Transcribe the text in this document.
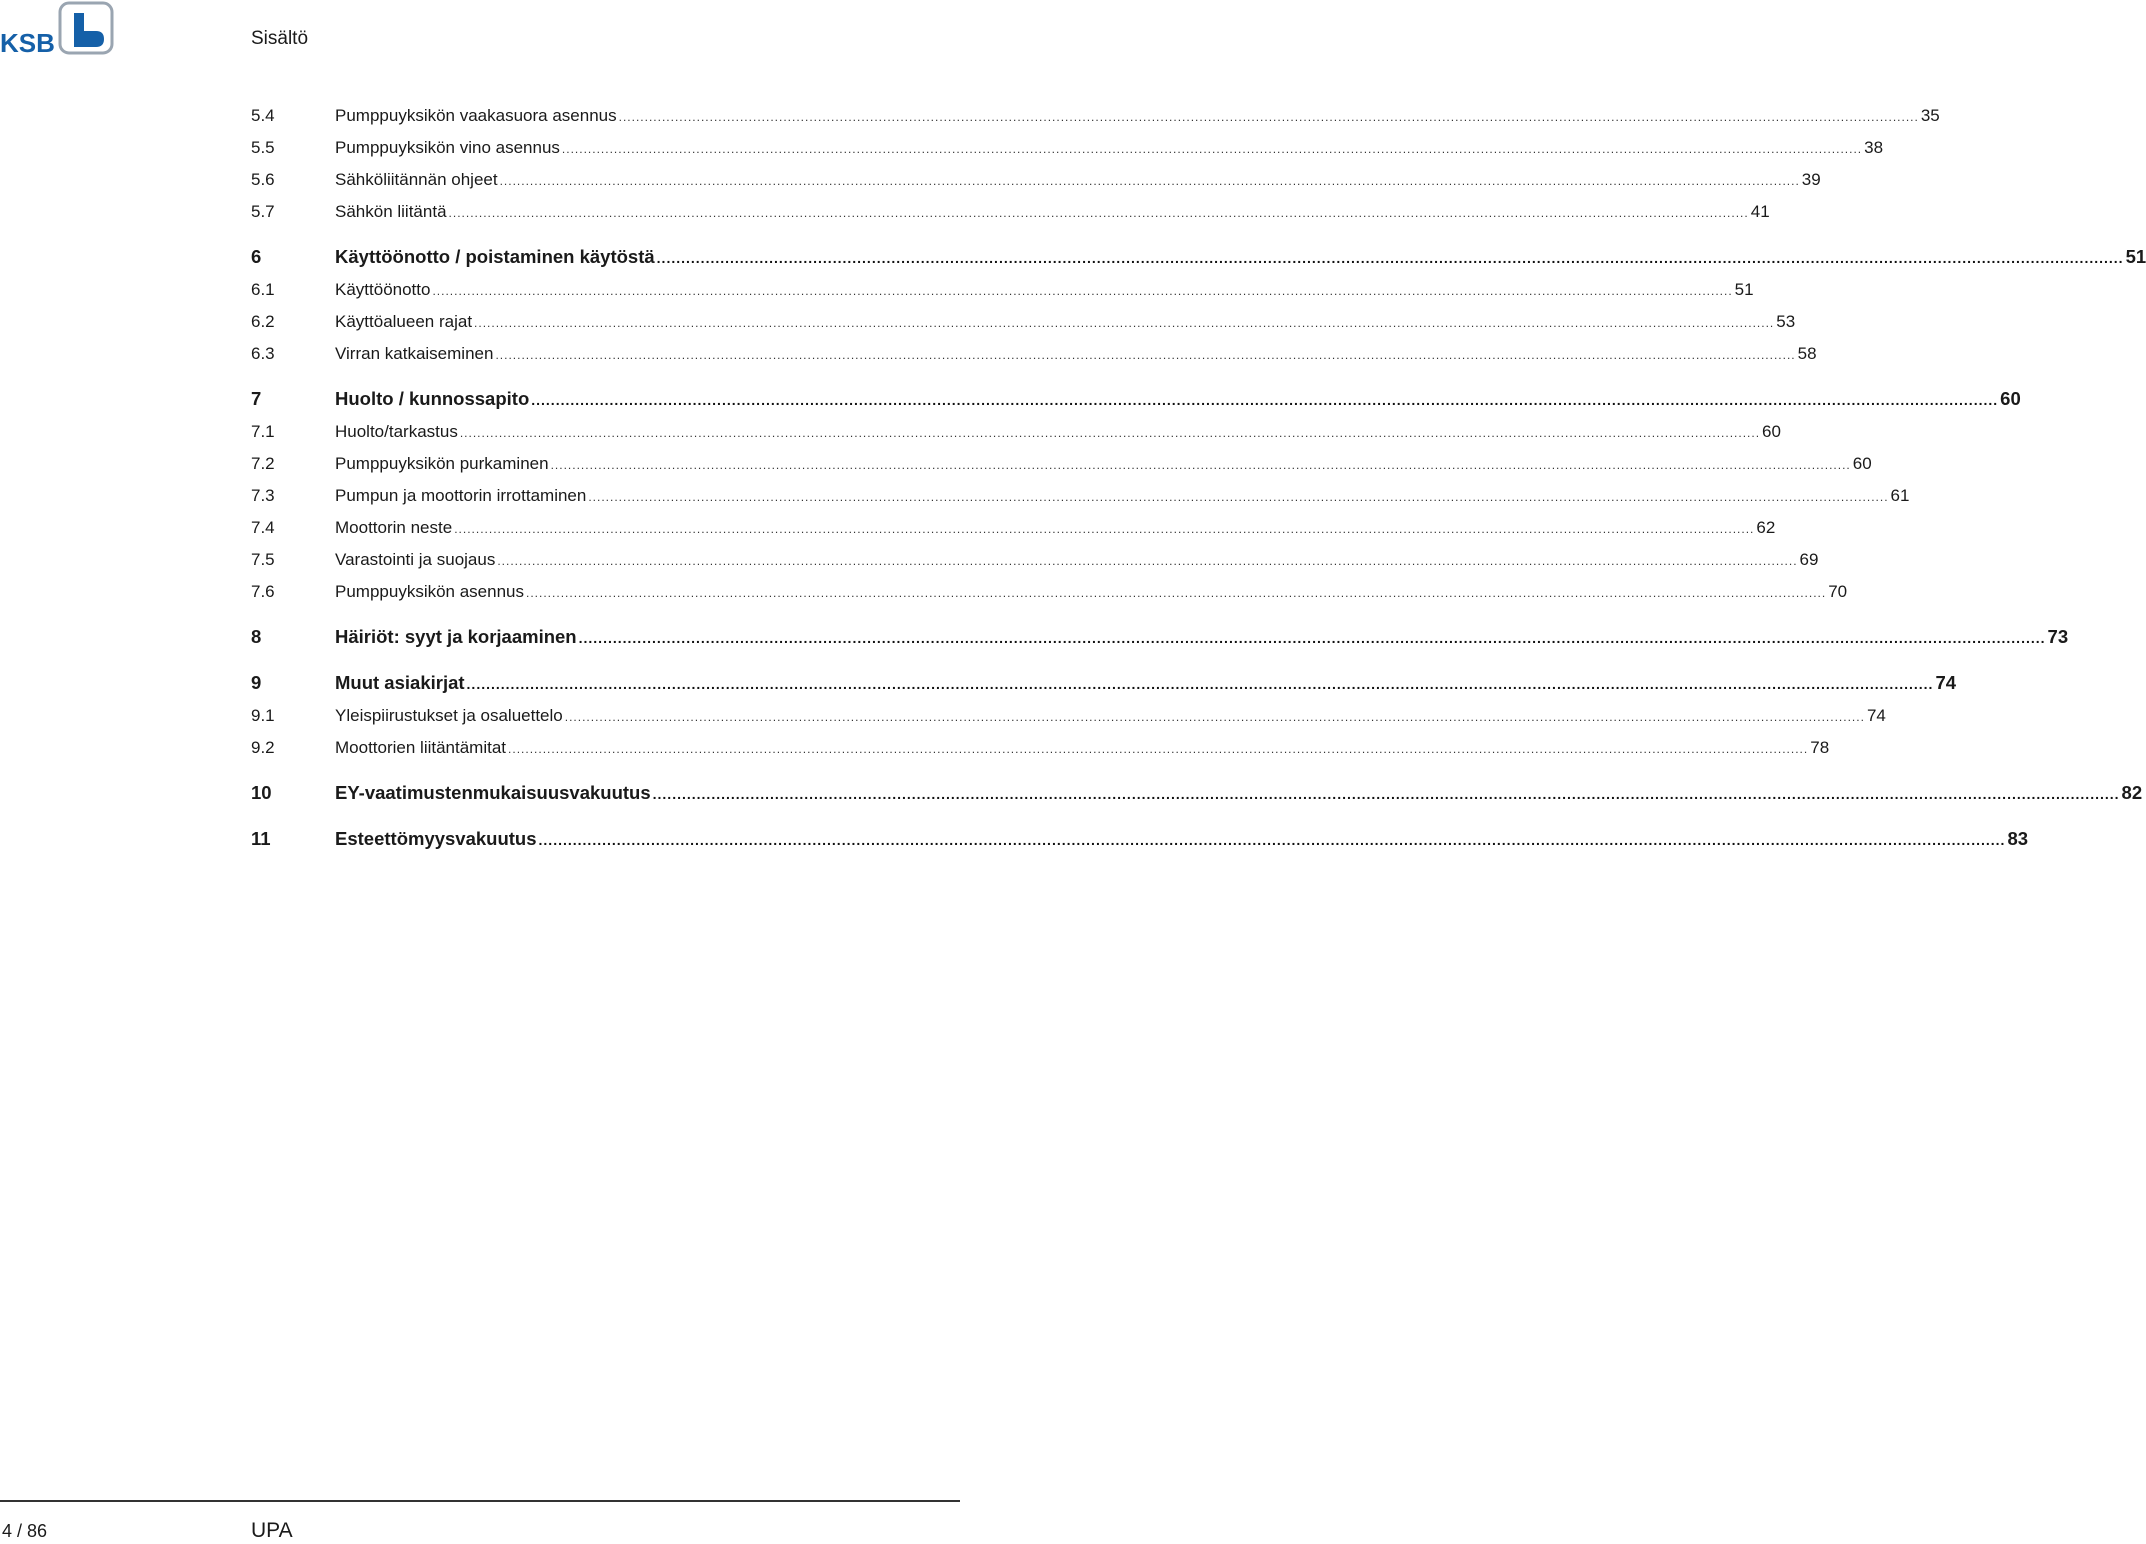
KSB	Sisältö
5.4	Pumppuyksikön vaakasuora asennus ............................................................................................................................................................................................................................................................................................................ 35
5.5	Pumppuyksikön vino asennus ............................................................................................................................................................................................................................................................................................................ 38
5.6	Sähköliitännän ohjeet ............................................................................................................................................................................................................................................................................................................ 39
5.7	Sähkön liitäntä ............................................................................................................................................................................................................................................................................................................ 41
6	Käyttöönotto / poistaminen käytöstä ............................................................................................................................................................................................................................................................................................................ 51
6.1	Käyttöönotto ............................................................................................................................................................................................................................................................................................................ 51
6.2	Käyttöalueen rajat ............................................................................................................................................................................................................................................................................................................ 53
6.3	Virran katkaiseminen ............................................................................................................................................................................................................................................................................................................ 58
7	Huolto / kunnossapito ............................................................................................................................................................................................................................................................................................................ 60
7.1	Huolto/tarkastus ............................................................................................................................................................................................................................................................................................................ 60
7.2	Pumppuyksikön purkaminen ............................................................................................................................................................................................................................................................................................................ 60
7.3	Pumpun ja moottorin irrottaminen ............................................................................................................................................................................................................................................................................................................ 61
7.4	Moottorin neste ............................................................................................................................................................................................................................................................................................................ 62
7.5	Varastointi ja suojaus ............................................................................................................................................................................................................................................................................................................ 69
7.6	Pumppuyksikön asennus ............................................................................................................................................................................................................................................................................................................ 70
8	Häiriöt: syyt ja korjaaminen ............................................................................................................................................................................................................................................................................................................ 73
9	Muut asiakirjat ............................................................................................................................................................................................................................................................................................................ 74
9.1	Yleispiirustukset ja osaluettelo ............................................................................................................................................................................................................................................................................................................ 74
9.2	Moottorien liitäntämitat ............................................................................................................................................................................................................................................................................................................ 78
10	EY-vaatimustenmukaisuusvakuutus ............................................................................................................................................................................................................................................................................................................ 82
11	Esteettömyysvakuutus ............................................................................................................................................................................................................................................................................................................ 83
4 / 86	UPA
